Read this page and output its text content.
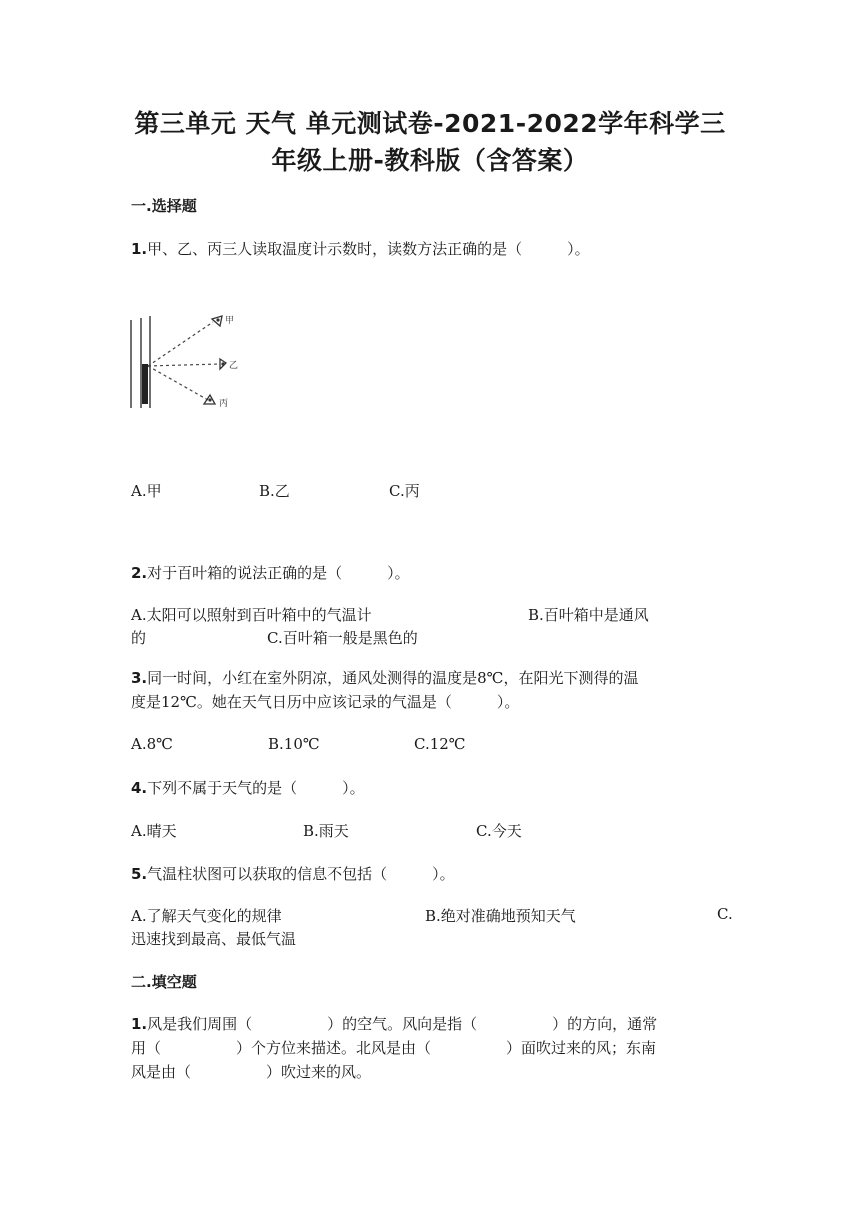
第三单元 天气 单元测试卷-2021-2022学年科学三
年级上册-教科版（含答案）
一.选择题
1.甲、乙、丙三人读取温度计示数时，读数方法正确的是（　　　）。
甲
乙
丙
A.甲	B.乙	C.丙
2.对于百叶箱的说法正确的是（　　　）。
A.太阳可以照射到百叶箱中的气温计	B.百叶箱中是通风
的	C.百叶箱一般是黑色的
3.同一时间，小红在室外阴凉，通风处测得的温度是8℃，在阳光下测得的温
度是12℃。她在天气日历中应该记录的气温是（　　　）。
A.8℃	B.10℃	C.12℃
4.下列不属于天气的是（　　　）。
A.晴天	B.雨天	C.今天
5.气温柱状图可以获取的信息不包括（　　　）。
A.了解天气变化的规律	B.绝对准确地预知天气	C.
迅速找到最高、最低气温
二.填空题
1.风是我们周围（　　　　　）的空气。风向是指（　　　　　）的方向，通常
用（　　　　　）个方位来描述。北风是由（　　　　　）面吹过来的风；东南
风是由（　　　　　）吹过来的风。
